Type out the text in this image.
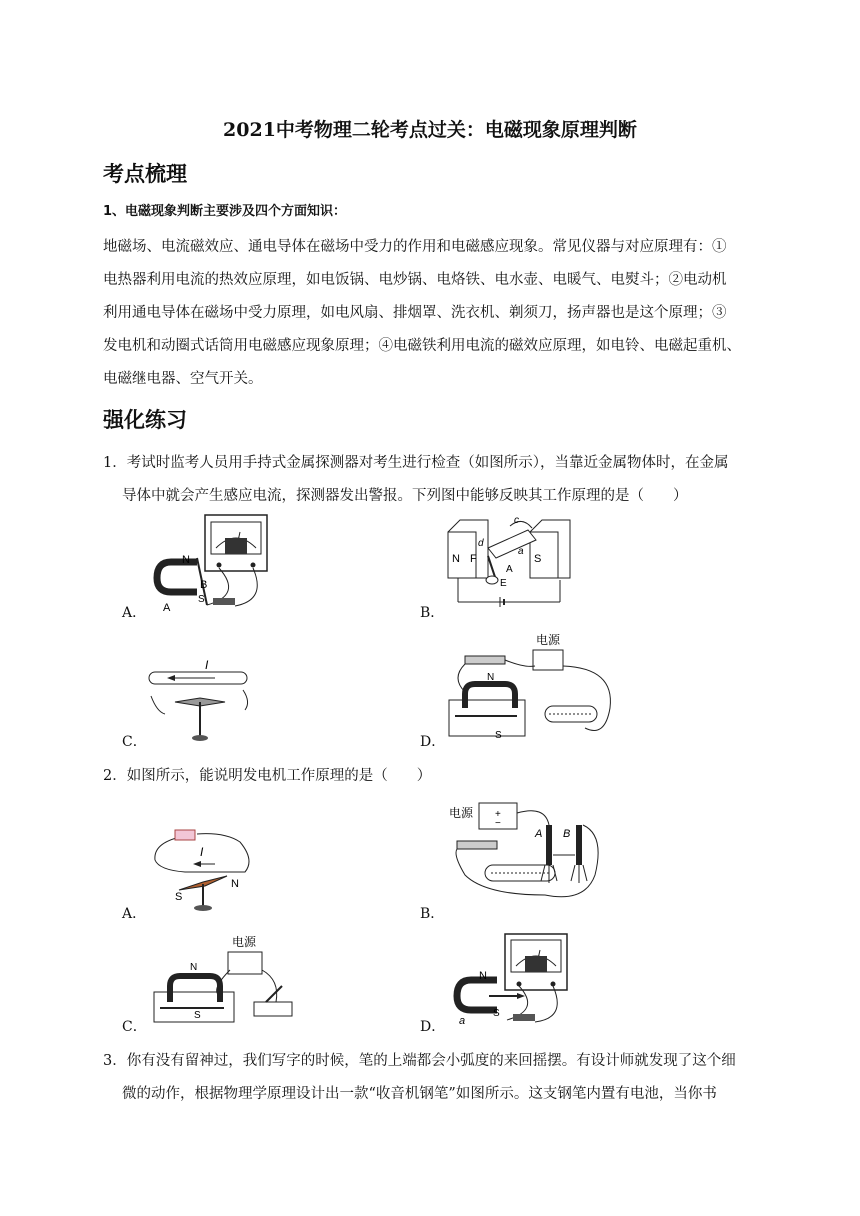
2021中考物理二轮考点过关：电磁现象原理判断
考点梳理
1、电磁现象判断主要涉及四个方面知识：
地磁场、电流磁效应、通电导体在磁场中受力的作用和电磁感应现象。常见仪器与对应原理有：①
电热器利用电流的热效应原理，如电饭锅、电炒锅、电烙铁、电水壶、电暖气、电熨斗；②电动机
利用通电导体在磁场中受力原理，如电风扇、排烟罩、洗衣机、剃须刀，扬声器也是这个原理；③
发电机和动圈式话筒用电磁感应现象原理；④电磁铁利用电流的磁效应原理，如电铃、电磁起重机、
电磁继电器、空气开关。
强化练习
1．考试时监考人员用手持式金属探测器对考生进行检查（如图所示），当靠近金属物体时，在金属
导体中就会产生感应电流，探测器发出警报。下列图中能够反映其工作原理的是（　　）
N
B
A
S
A．
N F	S
A
E
c
a
d
B．
I
C．
电源
N
S
D．
2．如图所示，能说明发电机工作原理的是（　　）
I
S
N
A．
电源 +
−
A B
B．
电源
N
S
C．
N
S
a
D．
3．你有没有留神过，我们写字的时候，笔的上端都会小弧度的来回摇摆。有设计师就发现了这个细
微的动作，根据物理学原理设计出一款“收音机钢笔”如图所示。这支钢笔内置有电池，当你书
